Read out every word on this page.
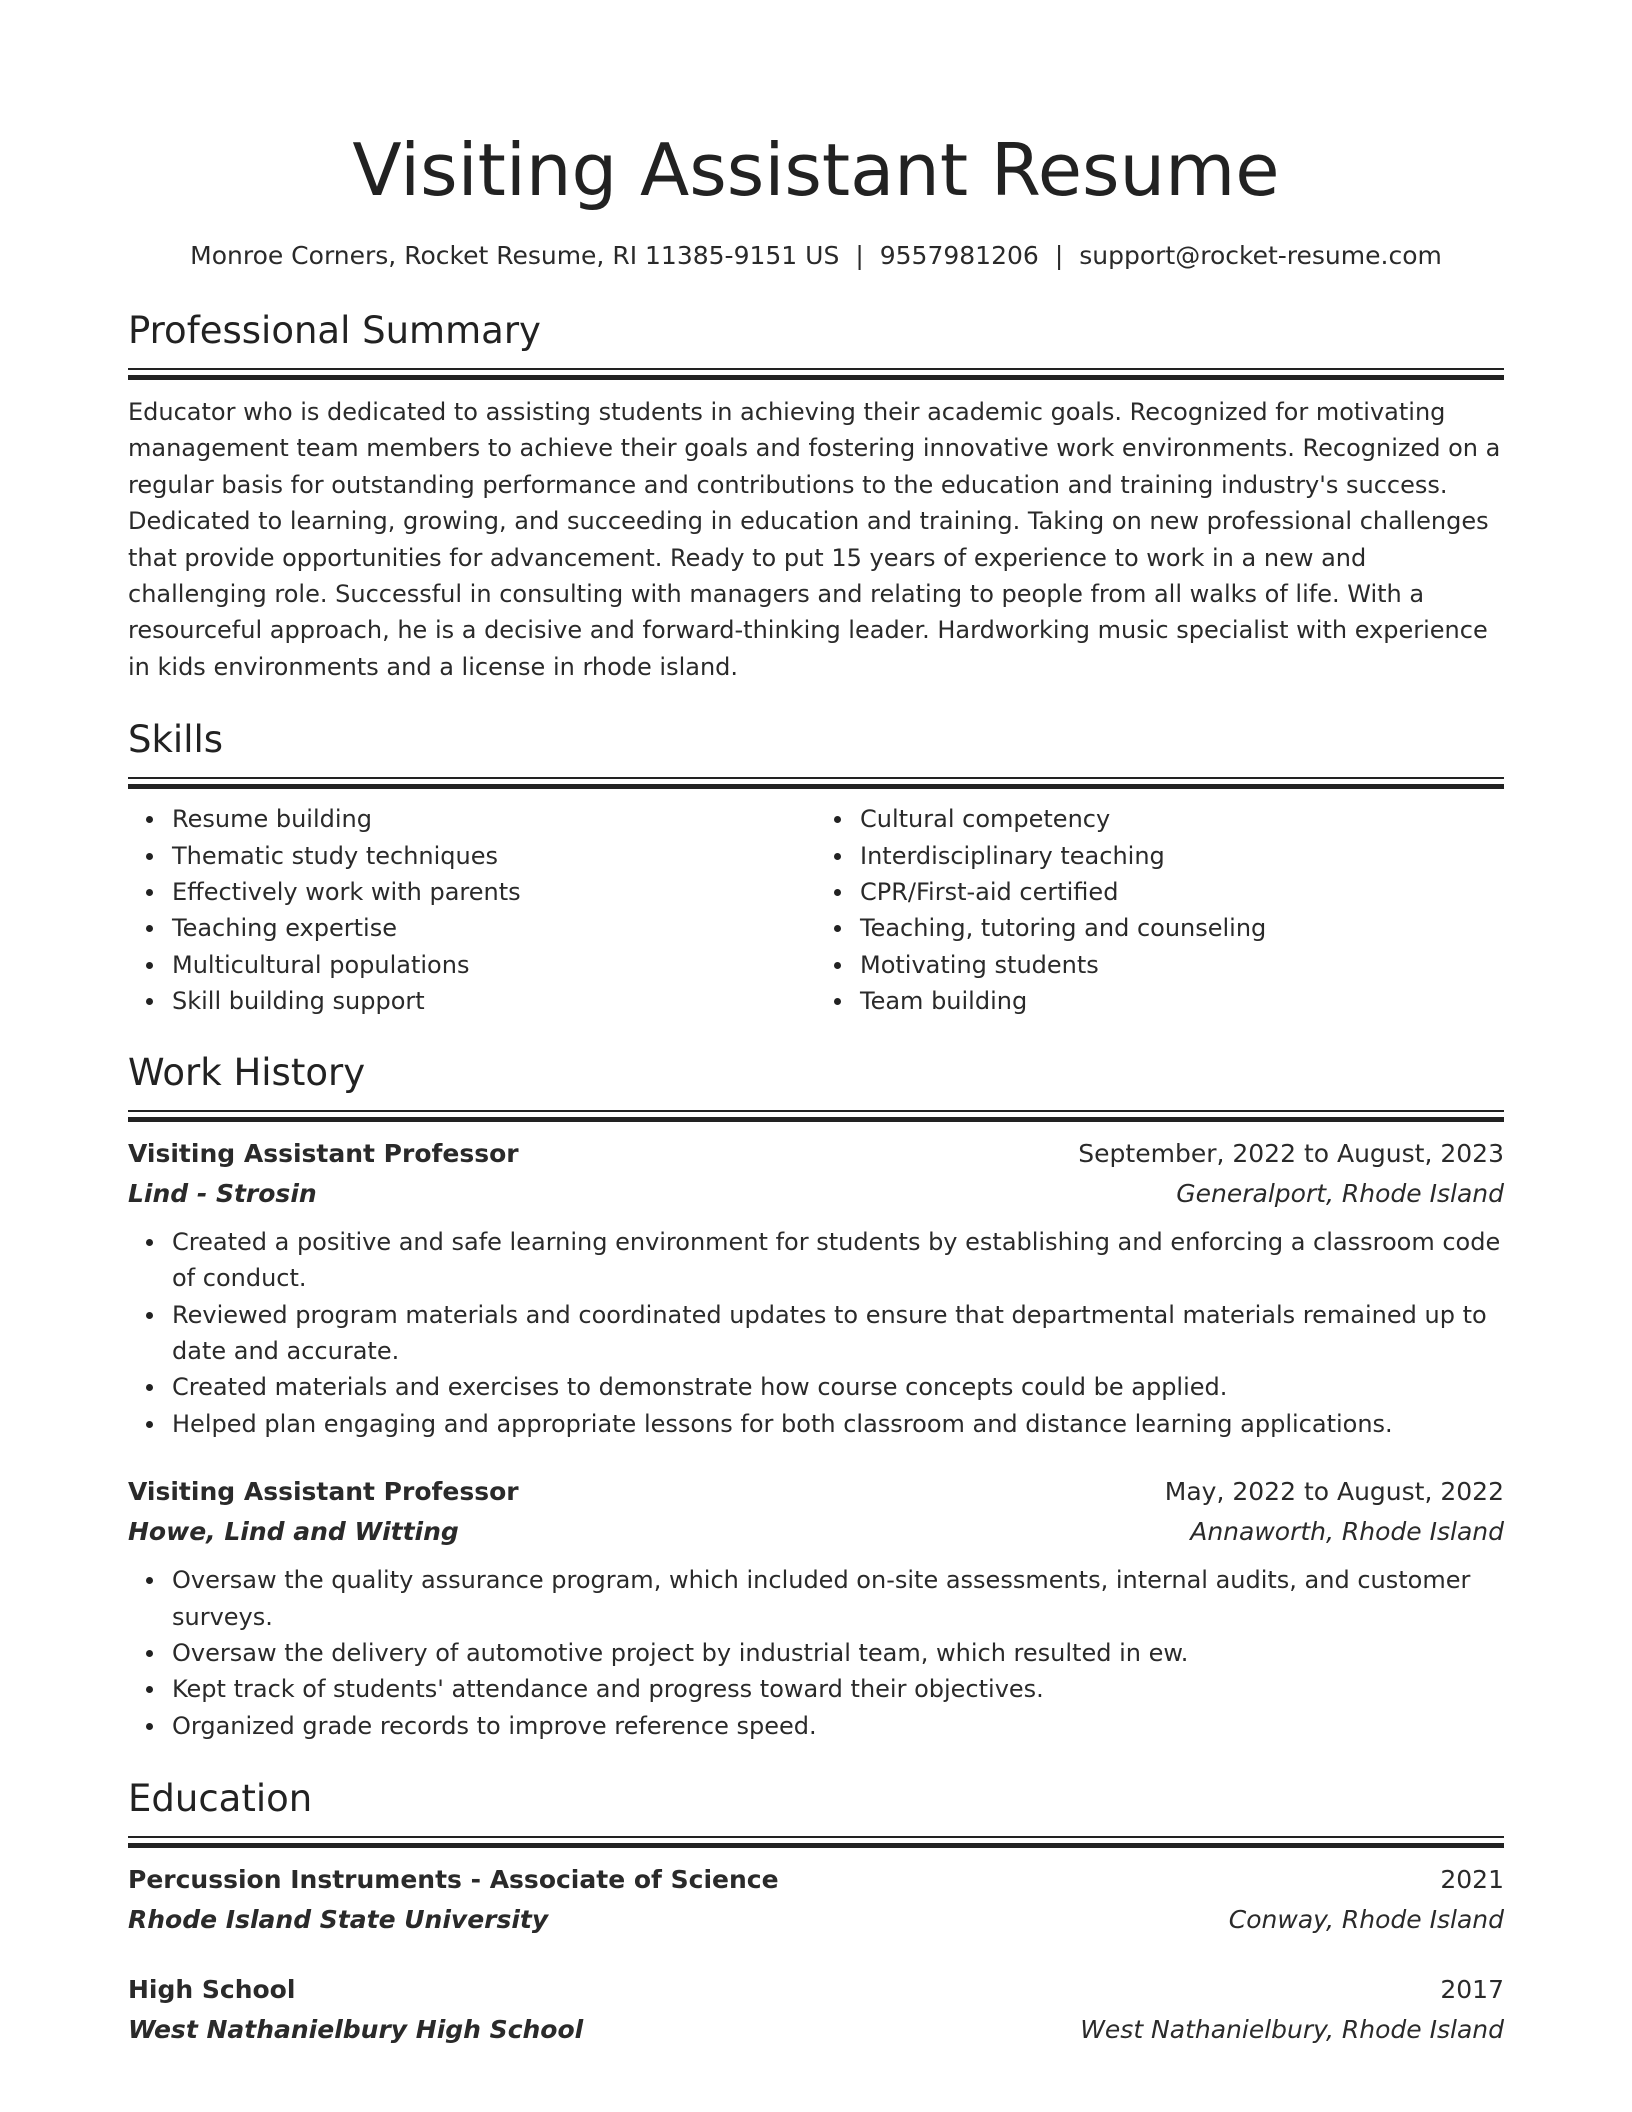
Visiting Assistant Resume
Monroe Corners, Rocket Resume, RI 11385-9151 US | 9557981206 | support@rocket-resume.com
Professional Summary

Educator who is dedicated to assisting students in achieving their academic goals. Recognized for motivating management team members to achieve their goals and fostering innovative work environments. Recognized on a regular basis for outstanding performance and contributions to the education and training industry's success. Dedicated to learning, growing, and succeeding in education and training. Taking on new professional challenges that provide opportunities for advancement. Ready to put 15 years of experience to work in a new and challenging role. Successful in consulting with managers and relating to people from all walks of life. With a resourceful approach, he is a decisive and forward-thinking leader. Hardworking music specialist with experience in kids environments and a license in rhode island.

Skills
Resume building
Thematic study techniques
Effectively work with parents
Teaching expertise
Multicultural populations
Skill building support
Cultural competency
Interdisciplinary teaching
CPR/First-aid certified
Teaching, tutoring and counseling
Motivating students
Team building
Work History
Visiting Assistant Professor	September, 2022 to August, 2023
Lind - Strosin	Generalport, Rhode Island
Created a positive and safe learning environment for students by establishing and enforcing a classroom code of conduct.
Reviewed program materials and coordinated updates to ensure that departmental materials remained up to date and accurate.
Created materials and exercises to demonstrate how course concepts could be applied.
Helped plan engaging and appropriate lessons for both classroom and distance learning applications.
Visiting Assistant Professor	May, 2022 to August, 2022
Howe, Lind and Witting	Annaworth, Rhode Island
Oversaw the quality assurance program, which included on-site assessments, internal audits, and customer surveys.
Oversaw the delivery of automotive project by industrial team, which resulted in ew.
Kept track of students' attendance and progress toward their objectives.
Organized grade records to improve reference speed.
Education
Percussion Instruments - Associate of Science	2021
Rhode Island State University	Conway, Rhode Island
High School	2017
West Nathanielbury High School	West Nathanielbury, Rhode Island
